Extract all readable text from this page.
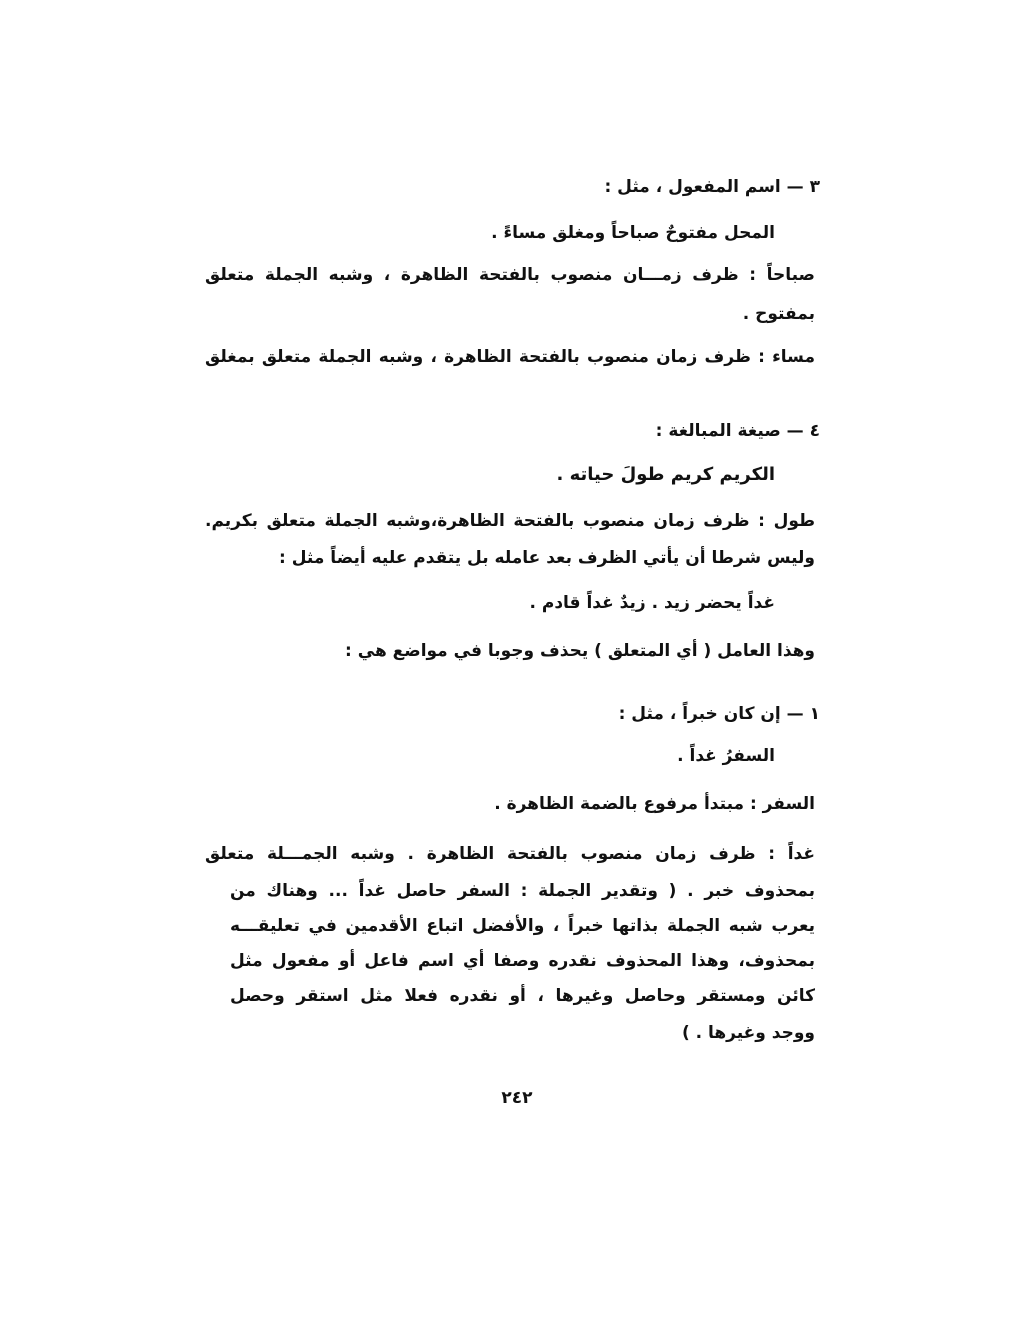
٣ — اسم المفعول ، مثل :
المحل مفتوحٌ صباحاً ومغلق مساءً .
صباحاً : ظرف زمـــان منصوب بالفتحة الظاهرة ، وشبه الجملة متعلق
بمفتوح .
مساء : ظرف زمان منصوب بالفتحة الظاهرة ، وشبه الجملة متعلق بمغلق
٤ — صيغة المبالغة :
الكريم كريم طولَ حياته .
طول : ظرف زمان منصوب بالفتحة الظاهرة،وشبه الجملة متعلق بكريم.
وليس شرطا أن يأتي الظرف بعد عامله بل يتقدم عليه أيضاً مثل :
غداً يحضر زيد . زيدٌ غداً قادم .
وهذا العامل ( أي المتعلق ) يحذف وجوبا في مواضع هي :
١ — إن كان خبراً ، مثل :
السفرُ غداً .
السفر : مبتدأ مرفوع بالضمة الظاهرة .
غداً : ظرف زمان منصوب بالفتحة الظاهرة . وشبه الجمـــلة متعلق
بمحذوف خبر . ( وتقدير الجملة : السفر حاصل غداً ... وهناك من
يعرب شبه الجملة بذاتها خبراً ، والأفضل اتباع الأقدمين في تعليقـــه
بمحذوف، وهذا المحذوف نقدره وصفا أي اسم فاعل أو مفعول مثل
كائن ومستقر وحاصل وغيرها ، أو نقدره فعلا مثل استقر وحصل
ووجد وغيرها . )
٢٤٢
